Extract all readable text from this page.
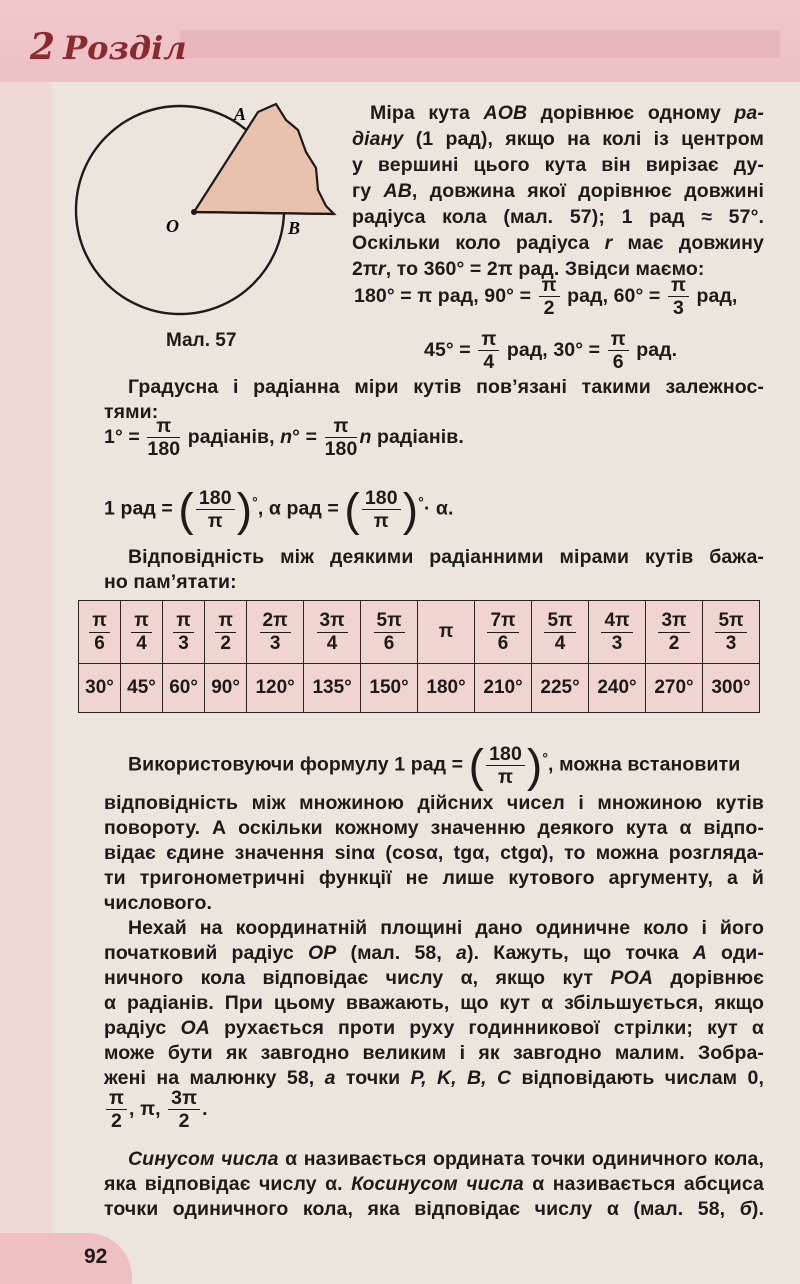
2 Розділ
A
O	B
Мал. 57
Міра кута AOB дорівнює одному ра-
діану (1 рад), якщо на колі із центром
у вершині цього кута він вирізає ду-
гу AB, довжина якої дорівнює довжині
радіуса кола (мал. 57); 1 рад ≈ 57°.
Оскільки коло радіуса r має довжину
2πr, то 360° = 2π рад. Звідси маємо:
180° = π рад, $90^\circ = \frac{\pi}{2}$ рад, $60^\circ = \frac{\pi}{3}$ рад,
$45^\circ = \frac{\pi}{4}$ рад, $30^\circ = \frac{\pi}{6}$ рад.
Градусна і радіанна міри кутів пов’язані такими залежнос-
тями:
$1^\circ = \frac{\pi}{180}$ радіанів, $n^\circ = \frac{\pi}{180}$ n радіанів.
1 рад = ( $\frac{180}{\pi} )^\circ$, α рад = ( $\frac{180}{\pi} )^\circ\cdot \alpha$.
Відповідність між деякими радіанними мірами кутів бажа-
но пам’ятати:
$\frac{\pi}{6}$	$\frac{\pi}{4}$	$\frac{\pi}{3}$	$\frac{\pi}{2}$	$\frac{2\pi}{3}$	$\frac{3\pi}{4}$	$\frac{5\pi}{6}$	π	$\frac{7\pi}{6}$	$\frac{5\pi}{4}$	$\frac{4\pi}{3}$	$\frac{3\pi}{2}$	$\frac{5\pi}{3}$

30°	45°	60°	90°	120°	135°	150°	180°	210°	225°	240°	270°	300°
Використовуючи формулу 1 рад = ( $\frac{180}{\pi} )^\circ$, можна встановити
відповідність між множиною дійсних чисел і множиною кутів
повороту. А оскільки кожному значенню деякого кута α відпо-
відає єдине значення sinα (cosα, tgα, ctgα), то можна розгляда-
ти тригонометричні функції не лише кутового аргументу, а й
числового.
Нехай на координатній площині дано одиничне коло і його
початковий радіус OP (мал. 58, а). Кажуть, що точка A оди-
ничного кола відповідає числу α, якщо кут POA дорівнює
α радіанів. При цьому вважають, що кут α збільшується, якщо
радіус OA рухається проти руху годинникової стрілки; кут α
може бути як завгодно великим і як завгодно малим. Зобра-
жені на малюнку 58, а точки P, K, B, C відповідають числам 0,
$\frac{\pi}{2}$ , π, $\frac{3\pi}{2}$ .
Синусом числа α називається ордината точки одиничного кола,
яка відповідає числу α. Косинусом числа α називається абсциса
точки одиничного кола, яка відповідає числу α (мал. 58, б).
92
